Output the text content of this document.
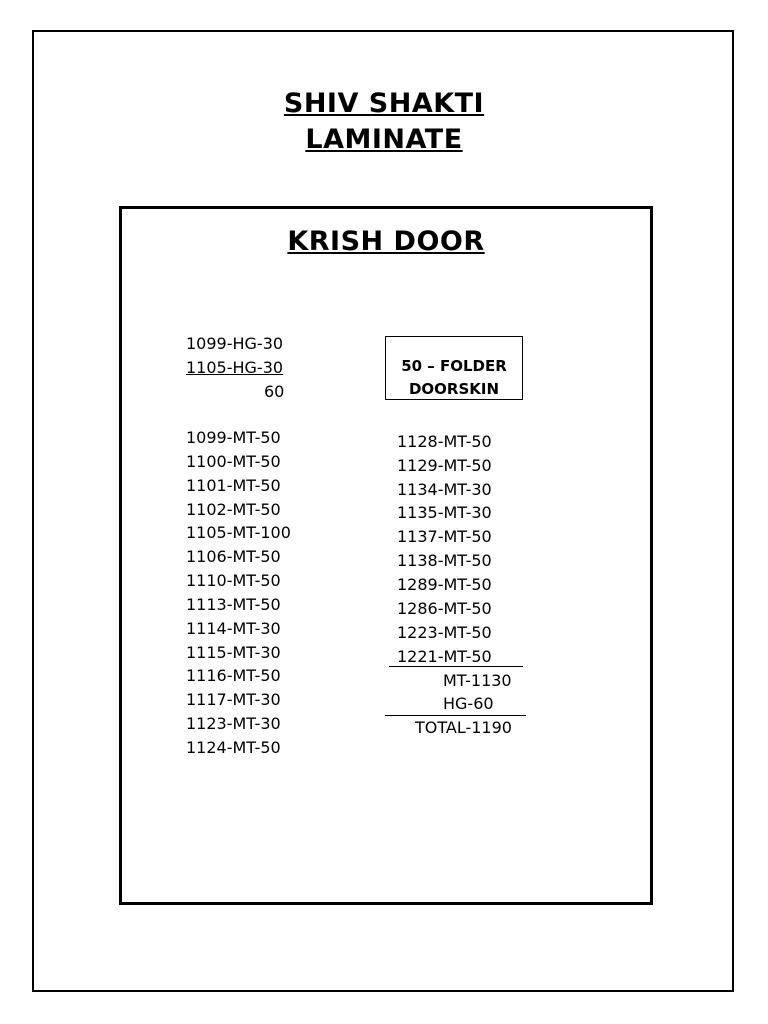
SHIV SHAKTI
LAMINATE
KRISH DOOR
1099-HG-30
1105-HG-30
60
1099-MT-50
1100-MT-50
1101-MT-50
1102-MT-50
1105-MT-100
1106-MT-50
1110-MT-50
1113-MT-50
1114-MT-30
1115-MT-30
1116-MT-50
1117-MT-30
1123-MT-30
1124-MT-50
50 – FOLDER
DOORSKIN
1128-MT-50
1129-MT-50
1134-MT-30
1135-MT-30
1137-MT-50
1138-MT-50
1289-MT-50
1286-MT-50
1223-MT-50
1221-MT-50
MT-1130
HG-60
TOTAL-1190
